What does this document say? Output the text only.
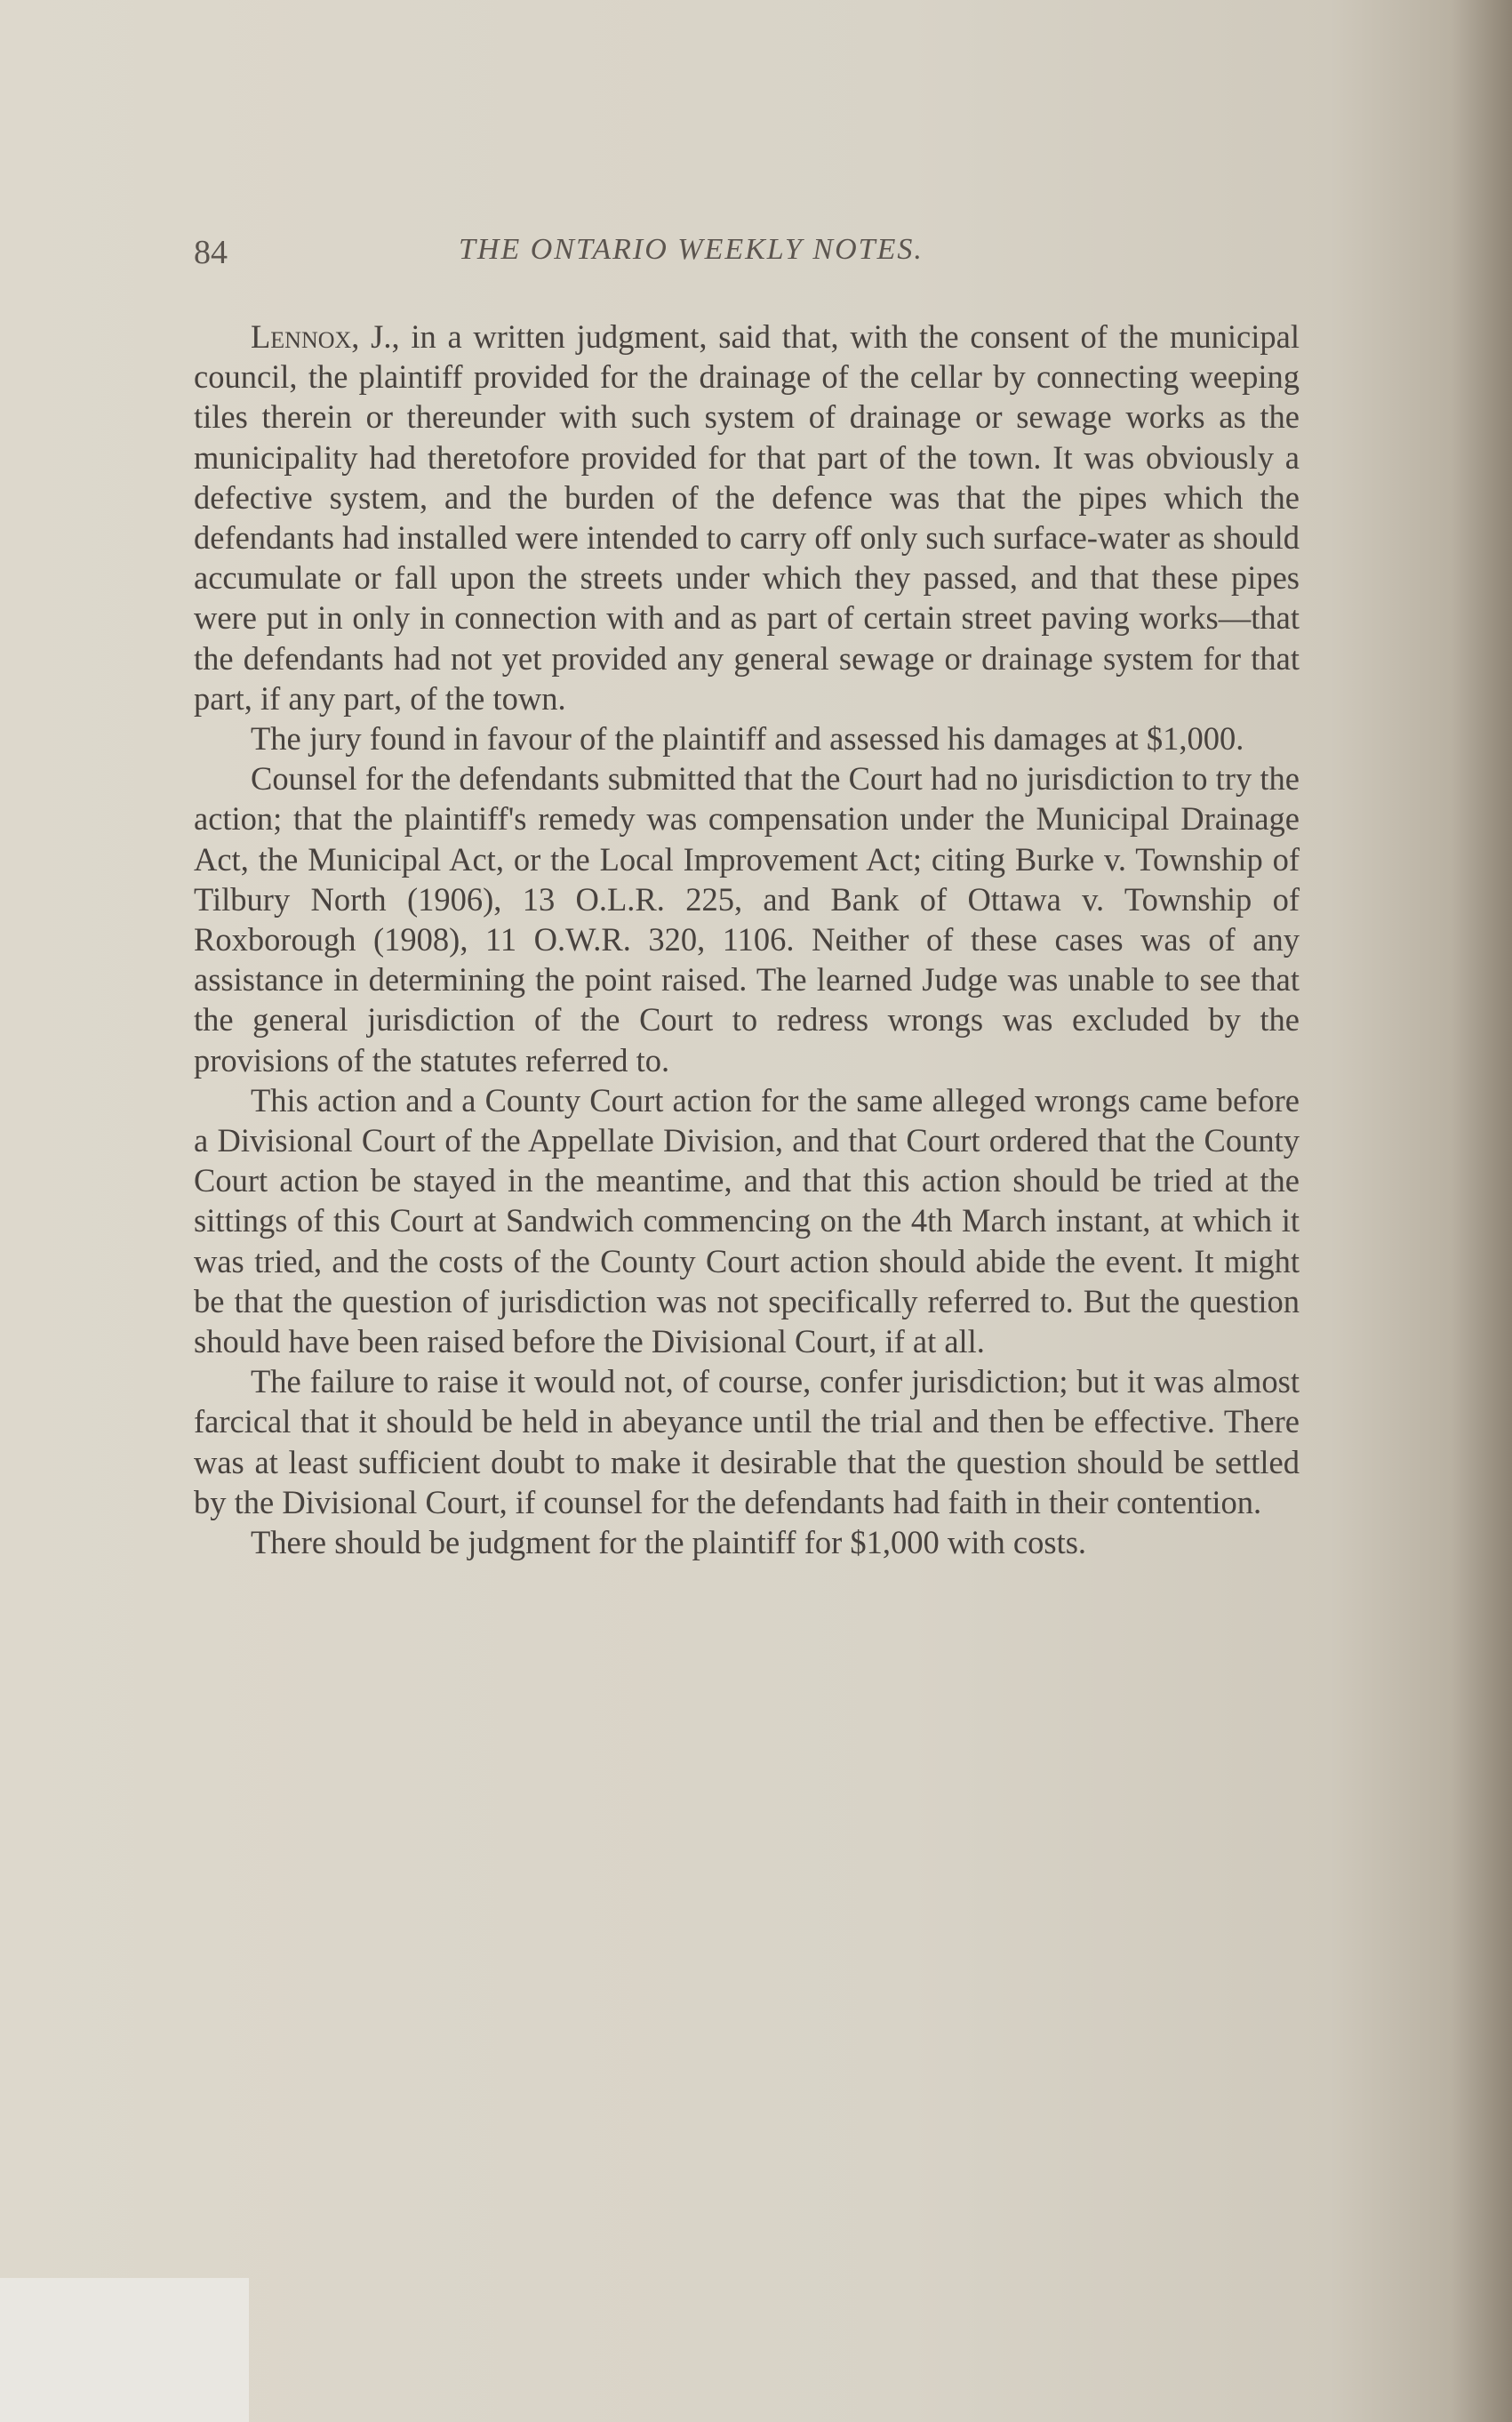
84	THE ONTARIO WEEKLY NOTES.

Lennox, J., in a written judgment, said that, with the consent of the municipal council, the plaintiff provided for the drainage of the cellar by connecting weeping tiles therein or thereunder with such system of drainage or sewage works as the municipality had theretofore provided for that part of the town. It was obviously a defective system, and the burden of the defence was that the pipes which the defendants had installed were intended to carry off only such surface-water as should accumulate or fall upon the streets under which they passed, and that these pipes were put in only in connection with and as part of certain street paving works—that the defendants had not yet provided any general sewage or drainage system for that part, if any part, of the town.

The jury found in favour of the plaintiff and assessed his damages at $1,000.

Counsel for the defendants submitted that the Court had no jurisdiction to try the action; that the plaintiff's remedy was compensation under the Municipal Drainage Act, the Municipal Act, or the Local Improvement Act; citing Burke v. Township of Tilbury North (1906), 13 O.L.R. 225, and Bank of Ottawa v. Township of Roxborough (1908), 11 O.W.R. 320, 1106. Neither of these cases was of any assistance in determining the point raised. The learned Judge was unable to see that the general jurisdiction of the Court to redress wrongs was excluded by the provisions of the statutes referred to.

This action and a County Court action for the same alleged wrongs came before a Divisional Court of the Appellate Division, and that Court ordered that the County Court action be stayed in the meantime, and that this action should be tried at the sittings of this Court at Sandwich commencing on the 4th March instant, at which it was tried, and the costs of the County Court action should abide the event. It might be that the question of jurisdiction was not specifically referred to. But the question should have been raised before the Divisional Court, if at all.

The failure to raise it would not, of course, confer jurisdiction; but it was almost farcical that it should be held in abeyance until the trial and then be effective. There was at least sufficient doubt to make it desirable that the question should be settled by the Divisional Court, if counsel for the defendants had faith in their contention.

There should be judgment for the plaintiff for $1,000 with costs.
